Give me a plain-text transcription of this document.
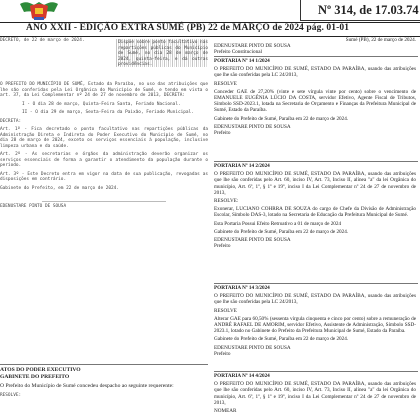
Nº 314, de 17.03.74
ANO XXII - EDIÇÃO EXTRA SUMÉ (PB) 22 de MARÇO de 2024 pág. 01-01

DECRETO, de 22 de março de 2024.	Dispõe sobre ponto facultativo nas repartições públicas do Município de Sumé, no dia 28 de março de 2024, quinta-feira, e dá outras providências.

O PREFEITO DO MUNICÍPIO DE SUMÉ, Estado da Paraíba, no uso das atribuições que lhe são conferidas pela Lei Orgânica do Município de Sumé, e tendo em vista o art. 37, da Lei Complementar nº 24 de 27 de novembro de 2013, DECRETA:

I - O dia 28 de março, Quinta-Feira Santa, Feriado Nacional.

II - O dia 29 de março, Sexta-Feira da Paixão, Feriado Municipal.

DECRETA:

Art. 1º - Fica decretado o ponto facultativo nas repartições públicas da Administração Direta e Indireta do Poder Executivo do Município de Sumé, no dia 28 de março de 2024, exceto os serviços essenciais à população, inclusive limpeza urbana e da saúde.

Art. 2º - As secretarias e órgãos da administração deverão organizar os serviços essenciais de forma a garantir o atendimento da população durante o período.

Art. 3º - Este Decreto entra em vigor na data de sua publicação, revogadas as disposições em contrário.

Gabinete do Prefeito, em 22 de março de 2024.

EDENUSTARE PINTO DE SOUSA

ATOS DO PODER EXECUTIVO

GABINETE DO PREFEITO

O Prefeito do Município de Sumé concedeu despacho ao seguinte requerente:

RESOLVE:

Sumé (PB), 22 de março de 2024.

EDENUSTARE PINTO DE SOUSA

Prefeito Constitucional

PORTARIA Nº 14 1/2024

O PREFEITO DO MUNICÍPIO DE SUMÉ, ESTADO DA PARAÍBA, usando das atribuições que lhe são conferidas pela LC 24/2013,

RESOLVE

Conceder GAE de 27,20% (vinte e sete vírgula vinte por cento) sobre o vencimento de EMANUELE EUGÊNIA LÚCIO DA COSTA, servidor Efetivo, Agente Fiscal de Tributos, Símbolo SSD-2023.1, lotada na Secretaria de Orçamento e Finanças da Prefeitura Municipal de Sumé, Estado da Paraíba.

Gabinete do Prefeito de Sumé, Paraíba em 22 de março de 2024.

EDENUSTARE PINTO DE SOUSA

Prefeito

PORTARIA Nº 14 2/2024

O PREFEITO DO MUNICÍPIO DE SUMÉ, ESTADO DA PARAÍBA, usando das atribuições que lhe são conferidas pelo Art. 60, inciso IV, Art. 73, Inciso II, alínea "a" da lei Orgânica do município, Art. 6º, 1º, § 1º e 19º, inciso I da Lei Complementar nº 24 de 27 de novembro de 2013,

RESOLVE:

Exonerar, LUCIANO COHRRA DE SOUZA do cargo de Chefe da Divisão de Administração Escolar, Símbolo DAS-3, lotado na Secretaria de Educação da Prefeitura Municipal de Sumé.

Esta Portaria Possui Efeito Retroativo a 01 de março de 2024

Gabinete do Prefeito de Sumé, Paraíba em 22 de março de 2024.

EDENUSTARE PINTO DE SOUSA

Prefeito

PORTARIA Nº 14 3/2024

O PREFEITO DO MUNICÍPIO DE SUMÉ, ESTADO DA PARAÍBA, usando das atribuições que lhe são conferidas pela LC 24/2013,

RESOLVE

Alterar GAE para 60,50% (sessenta vírgula cinquenta e cinco por cento) sobre a remuneração de ANDRÉ RAFAEL DE AMORIM, servidor Efetivo, Assistente de Administração, Símbolo SSD-2023.1, lotado no Gabinete do Prefeito da Prefeitura Municipal de Sumé, Estado da Paraíba.

Gabinete do Prefeito de Sumé, Paraíba em 22 de março de 2024.

EDENUSTARE PINTO DE SOUSA

Prefeito

PORTARIA Nº 14 4/2024

O PREFEITO DO MUNICÍPIO DE SUMÉ, ESTADO DA PARAÍBA, usando das atribuições que lhe são conferidas pelo Art. 60, inciso IV, Art. 73, Inciso II, alínea "a" da lei Orgânica do município, Art. 6º, 1º, § 1º e 19º, inciso I da Lei Complementar nº 24 de 27 de novembro de 2013,

NOMEAR
